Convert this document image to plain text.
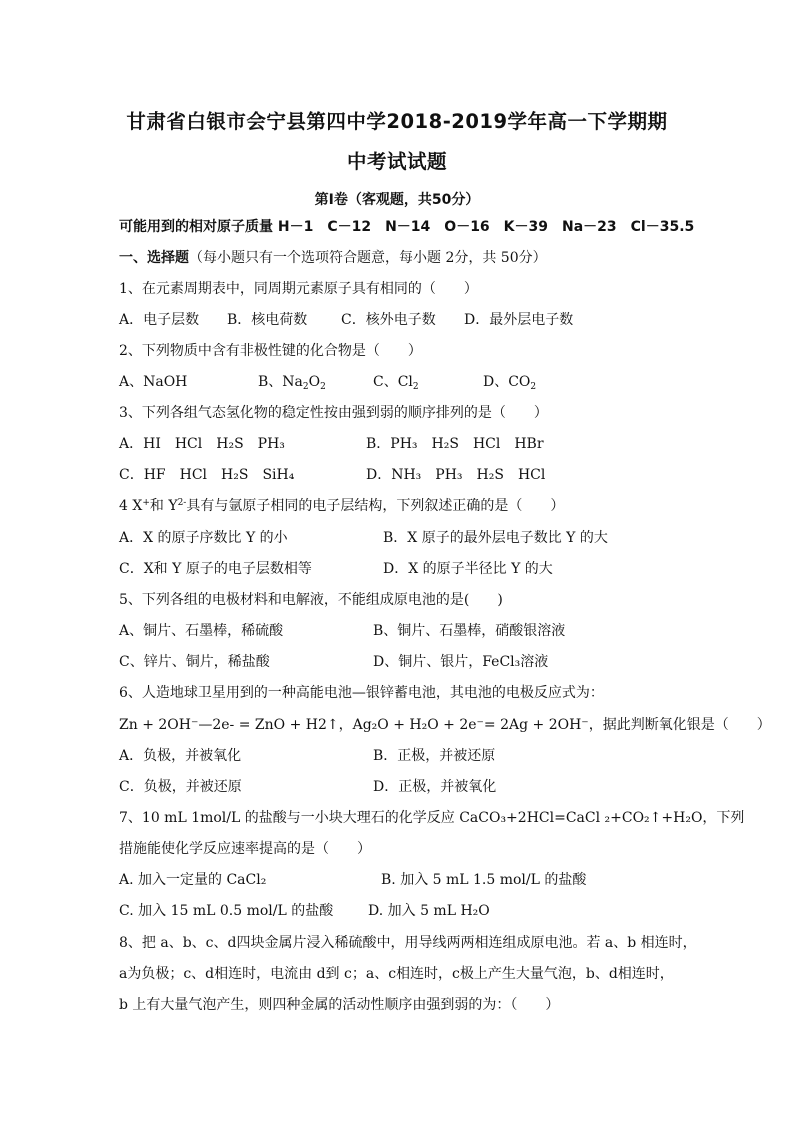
甘肃省白银市会宁县第四中学2018-2019学年高一下学期期
中考试试题
第Ⅰ卷（客观题，共50分）
可能用到的相对原子质量 H－1　C－12　N－14　O－16　K－39　Na－23　Cl－35.5
一、选择题（每小题只有一个选项符合题意，每小题 2分，共 50分）
1、在元素周期表中，同周期元素原子具有相同的（　　）
A．电子层数 B．核电荷数 C．核外电子数 D．最外层电子数
2、下列物质中含有非极性键的化合物是（　　）
A、NaOH	B、$Na_2O_2$	C、$Cl_2$	D、$CO_2$
3、下列各组气态氢化物的稳定性按由强到弱的顺序排列的是（　　）
A．HI　HCl　H₂S　PH₃	B．PH₃　H₂S　HCl　HBr
C．HF　HCl　H₂S　SiH₄	D．NH₃　PH₃　H₂S　HCl
4 X+和 $Y^{2-}$具有与氩原子相同的电子层结构，下列叙述正确的是（　　）
A．X 的原子序数比 Y 的小	B．X 原子的最外层电子数比 Y 的大
C．X和 Y 原子的电子层数相等	D．X 的原子半径比 Y 的大
5、下列各组的电极材料和电解液，不能组成原电池的是(　　)
A、铜片、石墨棒，稀硫酸	B、铜片、石墨棒，硝酸银溶液
C、锌片、铜片，稀盐酸	D、铜片、银片，FeCl₃溶液
6、人造地球卫星用到的一种高能电池—银锌蓄电池，其电池的电极反应式为：
Zn + 2OH⁻—2e- = ZnO + H2↑，Ag₂O + H₂O + 2e⁻= 2Ag + 2OH⁻，据此判断氧化银是（　　）
A．负极，并被氧化	B．正极，并被还原
C．负极，并被还原	D．正极，并被氧化
7、10 mL 1mol/L 的盐酸与一小块大理石的化学反应 CaCO₃+2HCl=CaCl ₂+CO₂↑+H₂O，下列
措施能使化学反应速率提高的是（　　）
A. 加入一定量的 CaCl₂	B. 加入 5 mL 1.5 mol/L 的盐酸
C. 加入 15 mL 0.5 mol/L 的盐酸 D. 加入 5 mL H₂O
8、把 a、b、c、d四块金属片浸入稀硫酸中，用导线两两相连组成原电池。若 a、b 相连时，
a为负极；c、d相连时，电流由 d到 c；a、c相连时，c极上产生大量气泡，b、d相连时，
b 上有大量气泡产生，则四种金属的活动性顺序由强到弱的为：（　　）
